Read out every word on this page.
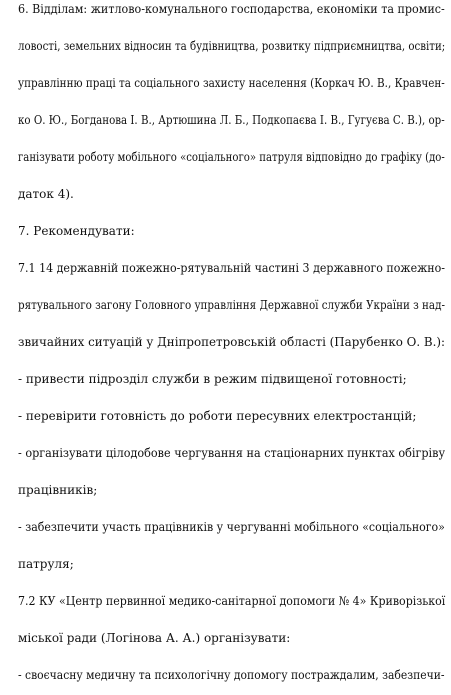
6. Відділам: житлово-комунального господарства, економіки та промис-
ловості, земельних відносин та будівництва, розвитку підприємництва, освіти;
управлінню праці та соціального захисту населення (Коркач Ю. В., Кравчен-
ко О. Ю., Богданова І. В., Артюшина Л. Б., Подкопаєва І. В., Гугуєва С. В.), ор-
ганізувати роботу мобільного «соціального» патруля відповідно до графіку (до-
даток 4).
7. Рекомендувати:
7.1 14 державній пожежно-рятувальній частині 3 державного пожежно-
рятувального загону Головного управління Державної служби України з над-
звичайних ситуацій у Дніпропетровській області (Парубенко О. В.):
- привести підрозділ служби в режим підвищеної готовності;
- перевірити готовність до роботи пересувних електростанцій;
- організувати цілодобове чергування на стаціонарних пунктах обігріву
працівників;
- забезпечити участь працівників у чергуванні мобільного «соціального»
патруля;
7.2 КУ «Центр первинної медико-санітарної допомоги № 4» Криворізької
міської ради (Логінова А. А.) організувати:
- своєчасну медичну та психологічну допомогу постраждалим, забезпечи-
